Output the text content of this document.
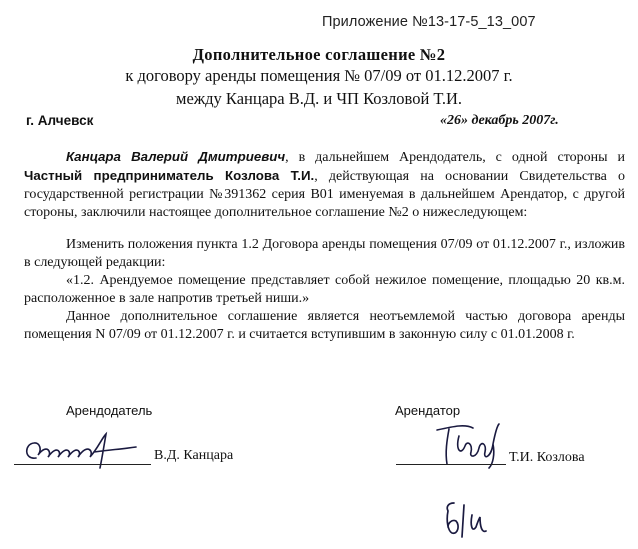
Приложение №13-17-5_13_007
Дополнительное соглашение №2
к договору аренды помещения № 07/09 от 01.12.2007 г.
между Канцара В.Д. и ЧП Козловой Т.И.
г. Алчевск	«26» декабрь 2007г.
Канцара Валерий Дмитриевич, в дальнейшем Арендодатель, с одной стороны и Частный предприниматель Козлова Т.И., действующая на основании Свидетельства о государственной регистрации №391362 серия В01 именуемая в дальнейшем Арендатор, с другой стороны, заключили настоящее дополнительное соглашение №2 о нижеследующем:
Изменить положения пункта 1.2 Договора аренды помещения 07/09 от 01.12.2007 г., изложив в следующей редакции:
«1.2. Арендуемое помещение представляет собой нежилое помещение, площадью 20 кв.м. расположенное в зале напротив третьей ниши.»
Данное дополнительное соглашение является неотъемлемой частью договора аренды помещения N 07/09 от 01.12.2007 г. и считается вступившим в законную силу с 01.01.2008 г.
Арендодатель	Арендатор
В.Д. Канцара	Т.И. Козлова
